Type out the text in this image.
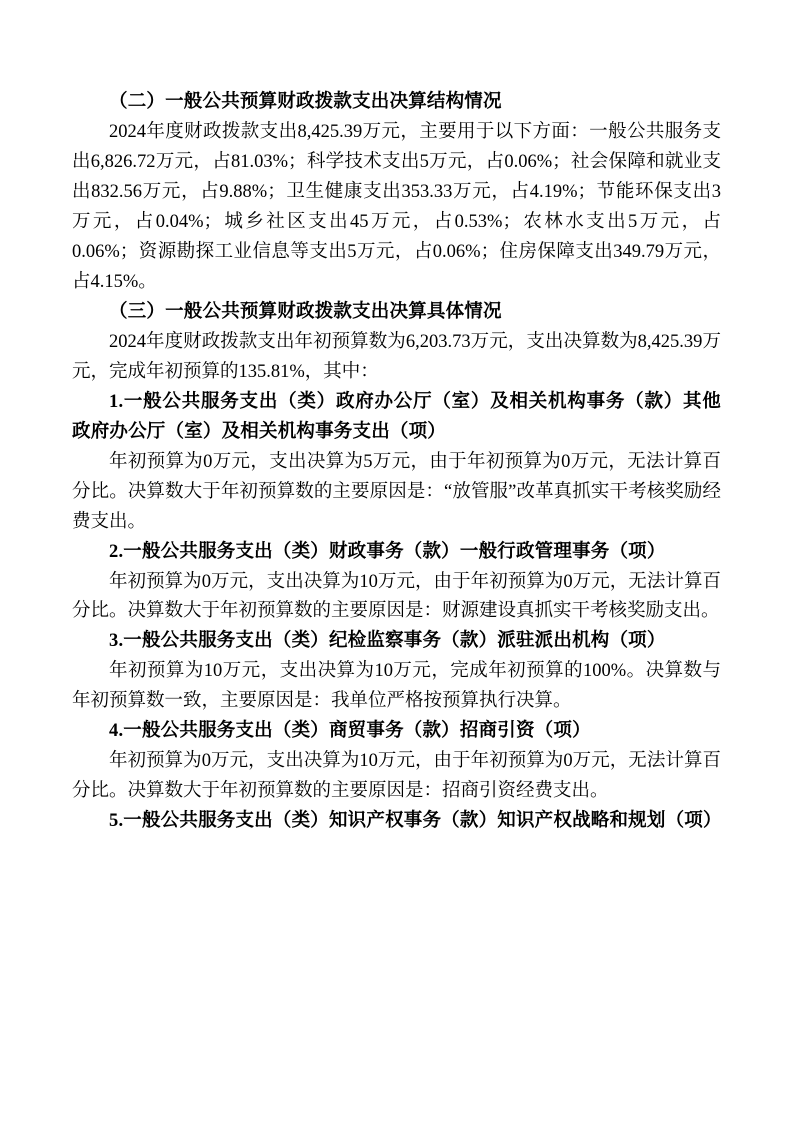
（二）一般公共预算财政拨款支出决算结构情况

2024年度财政拨款支出8,425.39万元，主要用于以下方面：一般公共服务支出6,826.72万元，占81.03%；科学技术支出5万元，占0.06%；社会保障和就业支出832.56万元，占9.88%；卫生健康支出353.33万元，占4.19%；节能环保支出3万元，占0.04%；城乡社区支出45万元，占0.53%；农林水支出5万元，占0.06%；资源勘探工业信息等支出5万元，占0.06%；住房保障支出349.79万元，占4.15%。

（三）一般公共预算财政拨款支出决算具体情况

2024年度财政拨款支出年初预算数为6,203.73万元，支出决算数为8,425.39万元，完成年初预算的135.81%，其中：

1.一般公共服务支出（类）政府办公厅（室）及相关机构事务（款）其他政府办公厅（室）及相关机构事务支出（项）

年初预算为0万元，支出决算为5万元，由于年初预算为0万元，无法计算百分比。决算数大于年初预算数的主要原因是：“放管服”改革真抓实干考核奖励经费支出。

2.一般公共服务支出（类）财政事务（款）一般行政管理事务（项）

年初预算为0万元，支出决算为10万元，由于年初预算为0万元，无法计算百分比。决算数大于年初预算数的主要原因是：财源建设真抓实干考核奖励支出。

3.一般公共服务支出（类）纪检监察事务（款）派驻派出机构（项）

年初预算为10万元，支出决算为10万元，完成年初预算的100%。决算数与年初预算数一致，主要原因是：我单位严格按预算执行决算。

4.一般公共服务支出（类）商贸事务（款）招商引资（项）

年初预算为0万元，支出决算为10万元，由于年初预算为0万元，无法计算百分比。决算数大于年初预算数的主要原因是：招商引资经费支出。

5.一般公共服务支出（类）知识产权事务（款）知识产权战略和规划（项）
